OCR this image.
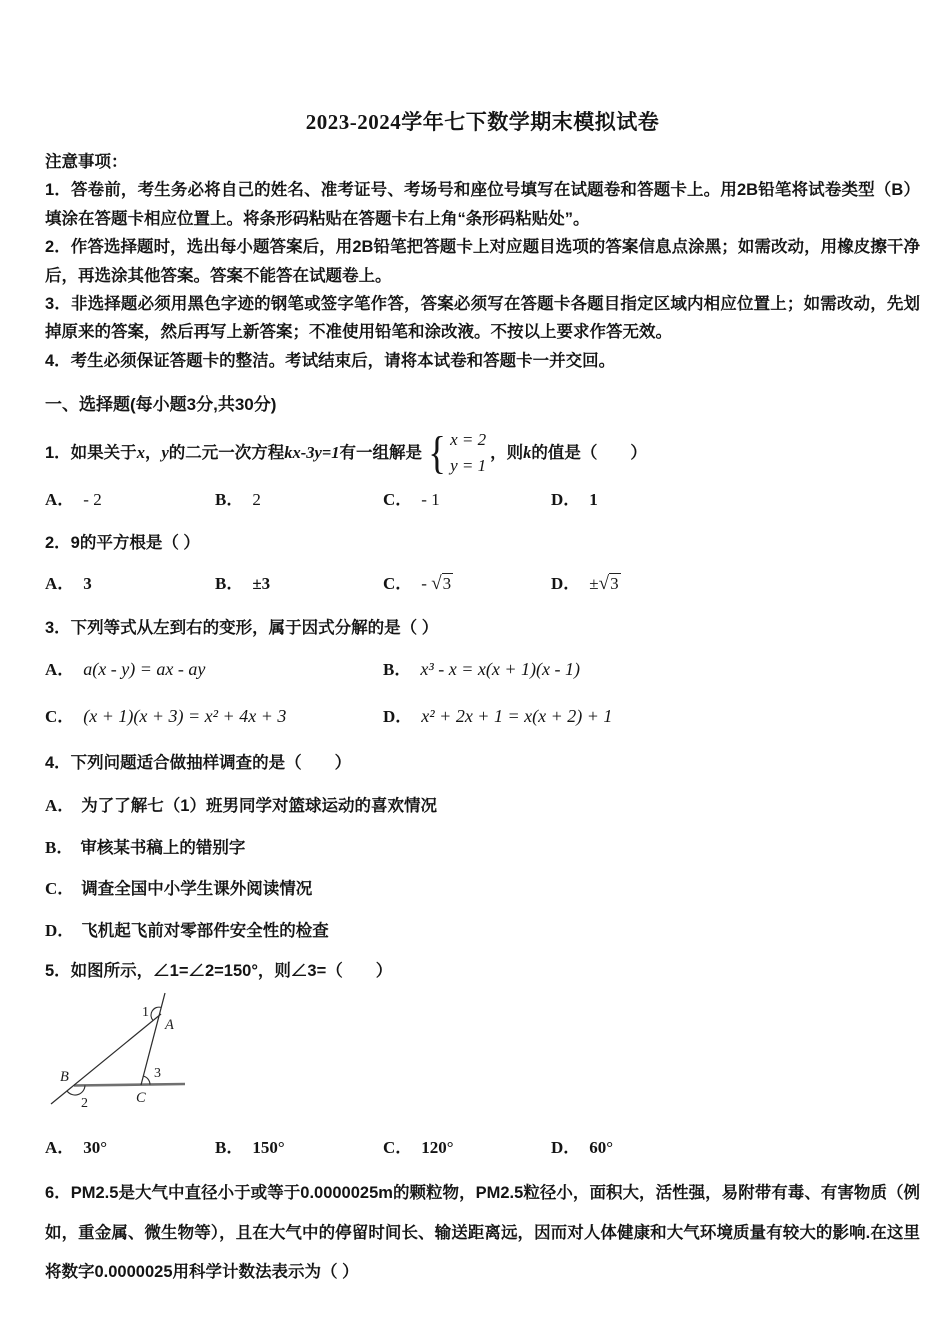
2023-2024学年七下数学期末模拟试卷

注意事项：

1．答卷前，考生务必将自己的姓名、准考证号、考场号和座位号填写在试题卷和答题卡上。用2B铅笔将试卷类型（B）填涂在答题卡相应位置上。将条形码粘贴在答题卡右上角“条形码粘贴处”。

2．作答选择题时，选出每小题答案后，用2B铅笔把答题卡上对应题目选项的答案信息点涂黑；如需改动，用橡皮擦干净后，再选涂其他答案。答案不能答在试题卷上。

3．非选择题必须用黑色字迹的钢笔或签字笔作答，答案必须写在答题卡各题目指定区域内相应位置上；如需改动，先划掉原来的答案，然后再写上新答案；不准使用铅笔和涂改液。不按以上要求作答无效。

4．考生必须保证答题卡的整洁。考试结束后，请将本试卷和答题卡一并交回。

一、选择题(每小题3分,共30分)

1．如果关于x，y的二元一次方程kx-3y=1有一组解是 { x = 2
y = 1
，则k的值是（　　）
A． - 2	B． 2	C． - 1	D． 1

2．9的平方根是（ ）

A． 3	B． ±3	C． - √3	D． ±√3

3．下列等式从左到右的变形，属于因式分解的是（ ）

A． a(x - y) = ax - ay	B． x³ - x = x(x + 1)(x - 1)
C． (x + 1)(x + 3) = x² + 4x + 3	D． x² + 2x + 1 = x(x + 2) + 1

4．下列问题适合做抽样调查的是（　　）

A． 为了了解七（1）班男同学对篮球运动的喜欢情况

B． 审核某书稿上的错别字

C． 调查全国中小学生课外阅读情况

D． 飞机起飞前对零部件安全性的检查

5．如图所示，∠1=∠2=150°，则∠3=（　　）

1
A
B
2
3
C
A． 30°	B． 150°	C． 120°	D． 60°

6．PM2.5是大气中直径小于或等于0.0000025m的颗粒物，PM2.5粒径小，面积大，活性强，易附带有毒、有害物质（例如，重金属、微生物等），且在大气中的停留时间长、输送距离远，因而对人体健康和大气环境质量有较大的影响.在这里将数字0.0000025用科学计数法表示为（ ）
